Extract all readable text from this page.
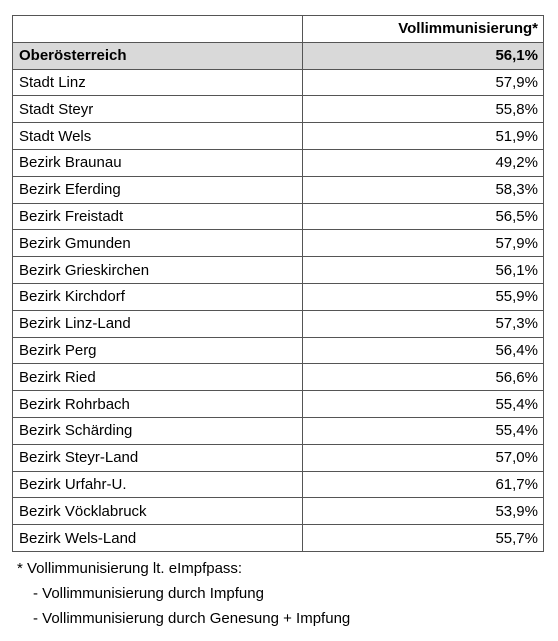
	Vollimmunisierung*
Oberösterreich	56,1%
Stadt Linz	57,9%
Stadt Steyr	55,8%
Stadt Wels	51,9%
Bezirk Braunau	49,2%
Bezirk Eferding	58,3%
Bezirk Freistadt	56,5%
Bezirk Gmunden	57,9%
Bezirk Grieskirchen	56,1%
Bezirk Kirchdorf	55,9%
Bezirk Linz-Land	57,3%
Bezirk Perg	56,4%
Bezirk Ried	56,6%
Bezirk Rohrbach	55,4%
Bezirk Schärding	55,4%
Bezirk Steyr-Land	57,0%
Bezirk Urfahr-U.	61,7%
Bezirk Vöcklabruck	53,9%
Bezirk Wels-Land	55,7%
* Vollimmunisierung lt. eImpfpass:
- Vollimmunisierung durch Impfung
- Vollimmunisierung durch Genesung + Impfung
